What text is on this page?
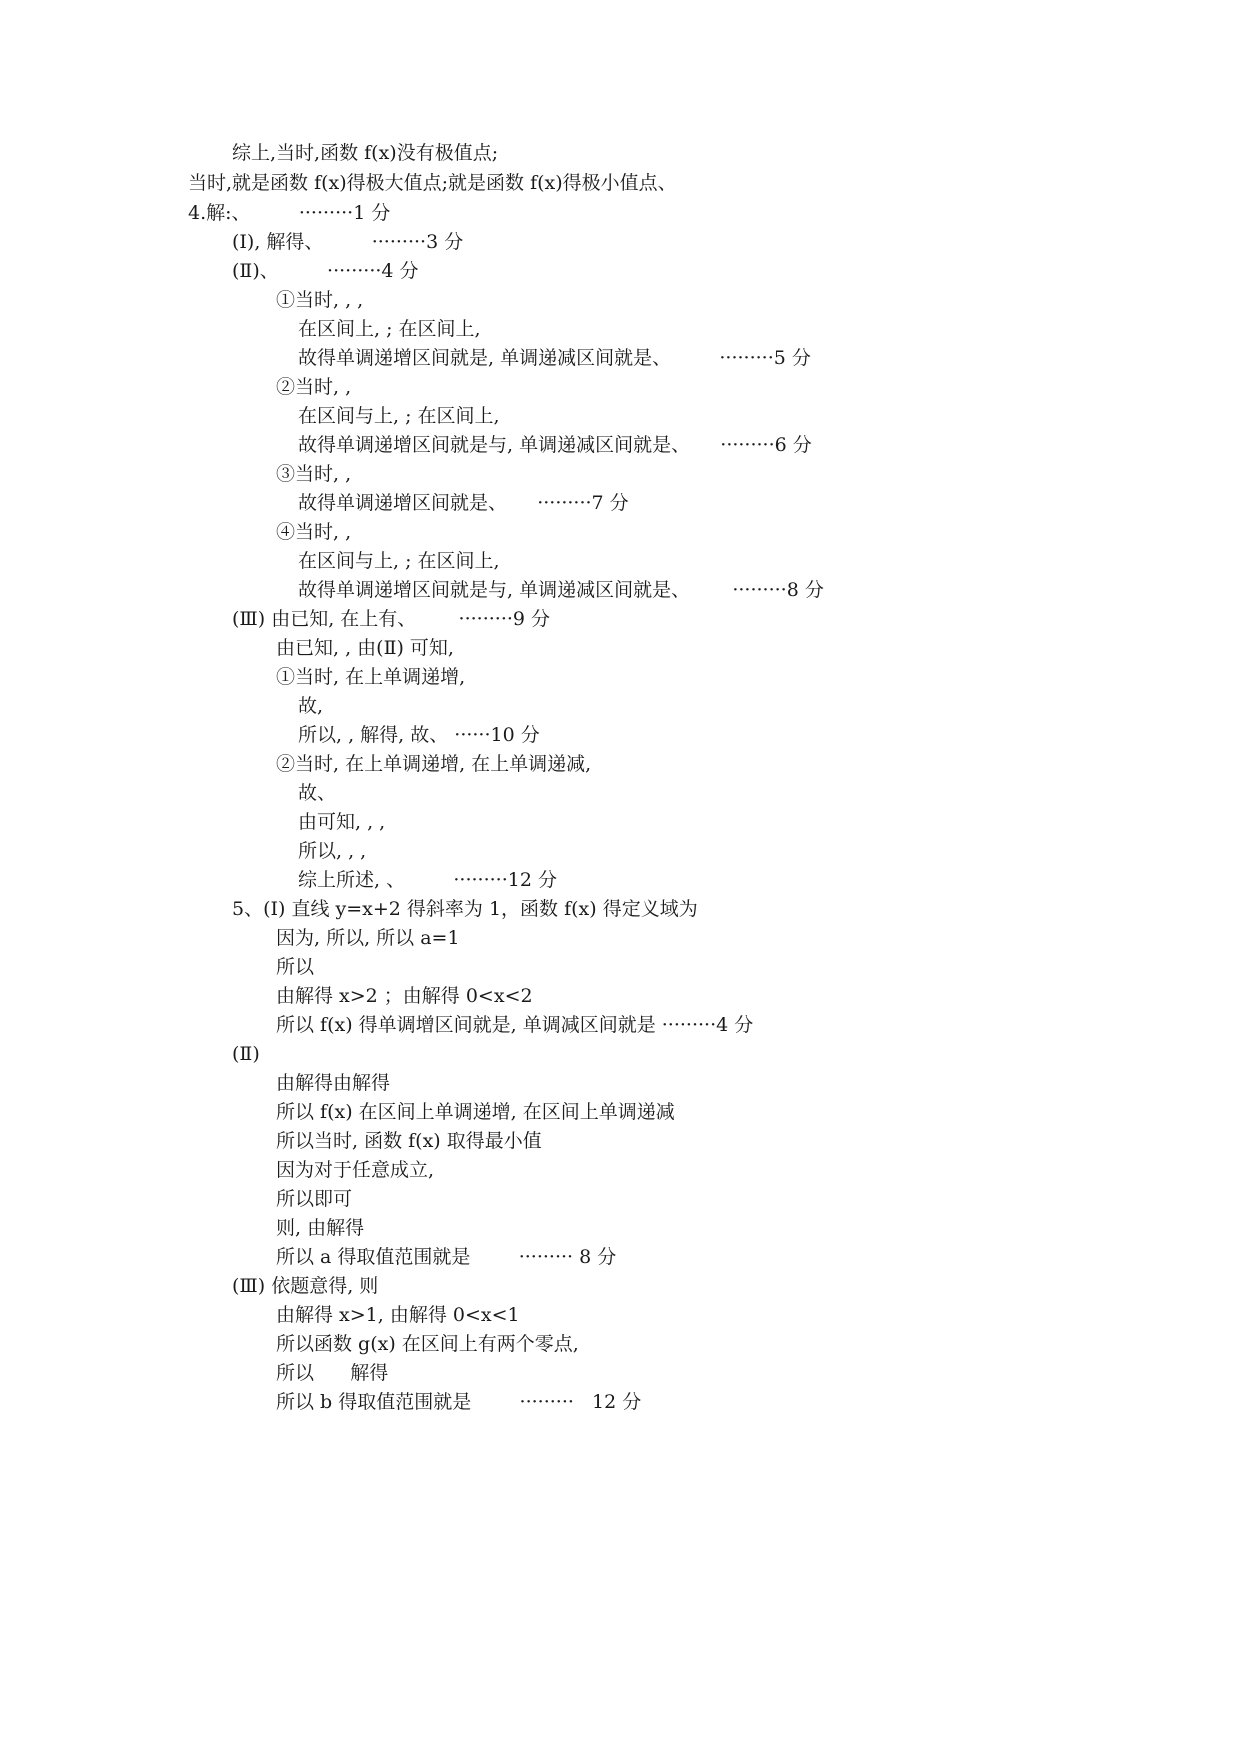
综上,当时,函数 f(x)没有极值点;
当时,就是函数 f(x)得极大值点;就是函数 f(x)得极小值点、
4.解:、        ·········1 分
(Ⅰ), 解得、        ·········3 分
(Ⅱ)、        ·········4 分
①当时, , ,
在区间上, ; 在区间上,
故得单调递增区间就是, 单调递减区间就是、        ·········5 分
②当时, ,
在区间与上, ; 在区间上,
故得单调递增区间就是与, 单调递减区间就是、     ·········6 分
③当时, ,
故得单调递增区间就是、     ·········7 分
④当时, ,
在区间与上, ; 在区间上,
故得单调递增区间就是与, 单调递减区间就是、       ·········8 分
(Ⅲ) 由已知, 在上有、       ·········9 分
由已知, , 由(Ⅱ) 可知,
①当时, 在上单调递增,
故,
所以, , 解得, 故、 ······10 分
②当时, 在上单调递增, 在上单调递减,
故、
由可知, , ,
所以, , ,
综上所述, 、        ·········12 分
5、(Ⅰ) 直线 y=x+2 得斜率为 1，函数 f(x) 得定义域为
因为, 所以, 所以 a=1
所以
由解得 x>2 ；由解得 0<x<2
所以 f(x) 得单调增区间就是, 单调减区间就是 ·········4 分
(Ⅱ)
由解得由解得
所以 f(x) 在区间上单调递增, 在区间上单调递减
所以当时, 函数 f(x) 取得最小值
因为对于任意成立,
所以即可
则, 由解得
所以 a 得取值范围就是        ········· 8 分
(Ⅲ) 依题意得, 则
由解得 x>1, 由解得 0<x<1
所以函数 g(x) 在区间上有两个零点,
所以      解得
所以 b 得取值范围就是        ·········   12 分
